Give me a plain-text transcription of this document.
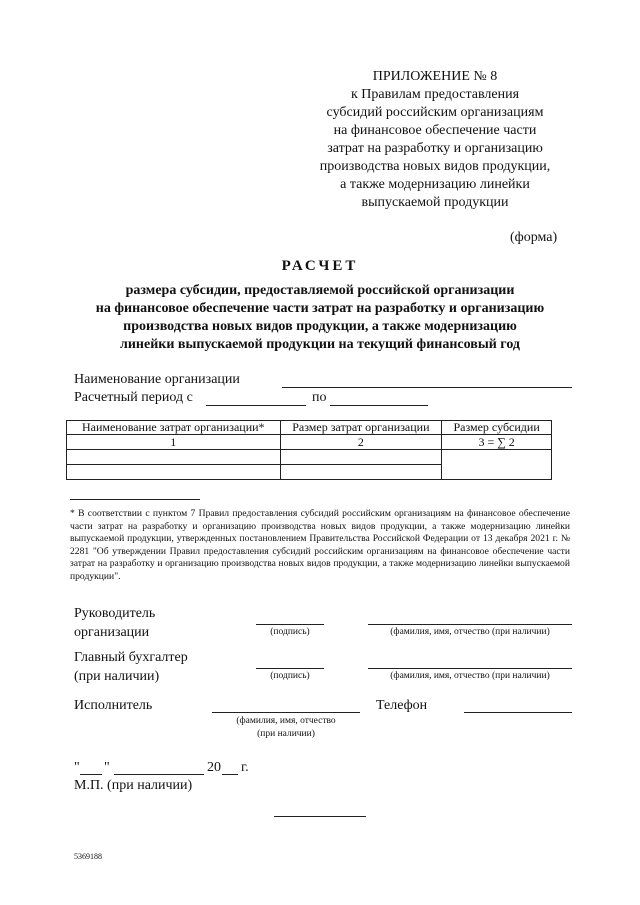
ПРИЛОЖЕНИЕ № 8
к Правилам предоставления
субсидий российским организациям
на финансовое обеспечение части
затрат на разработку и организацию
производства новых видов продукции,
а также модернизацию линейки
выпускаемой продукции
(форма)
РАСЧЕТ
размера субсидии, предоставляемой российской организации
на финансовое обеспечение части затрат на разработку и организацию
производства новых видов продукции, а также модернизацию
линейки выпускаемой продукции на текущий финансовый год
Наименование организации
Расчетный период с	по
Наименование затрат организации*	Размер затрат организации	Размер субсидии
1	2	3 = ∑ 2

* В соответствии с пунктом 7 Правил предоставления субсидий российским организациям на финансовое обеспечение части затрат на разработку и организацию производства новых видов продукции, а также модернизацию линейки выпускаемой продукции, утвержденных постановлением Правительства Российской Федерации от 13 декабря 2021 г. № 2281 "Об утверждении Правил предоставления субсидий российским организациям на финансовое обеспечение части затрат на разработку и организацию производства новых видов продукции, а также модернизацию линейки выпускаемой продукции".
Руководитель
организации	(подпись)	(фамилия, имя, отчество (при наличии)
Главный бухгалтер
(при наличии)	(подпись)	(фамилия, имя, отчество (при наличии)
Исполнитель
(фамилия, имя, отчество
(при наличии)
Телефон
" "	20 г.
М.П. (при наличии)
5369188
